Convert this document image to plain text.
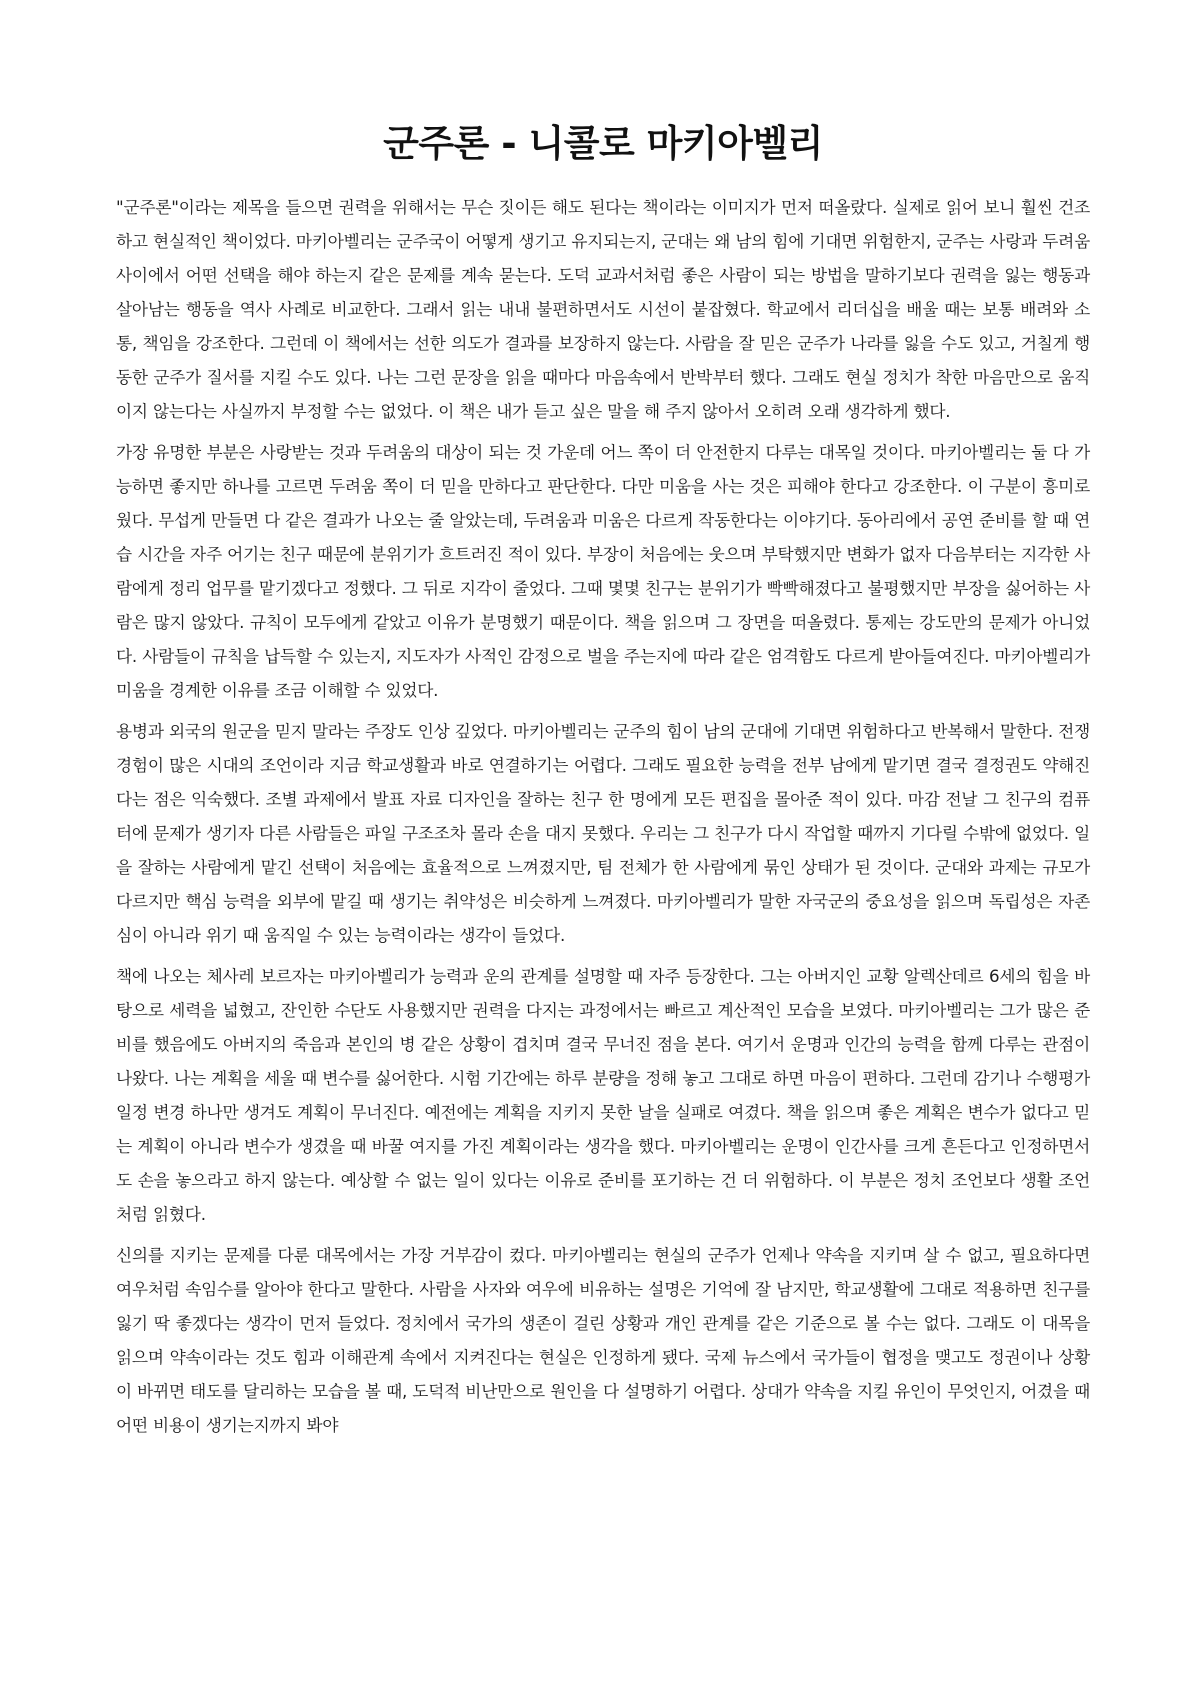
군주론 - 니콜로 마키아벨리

"군주론"이라는 제목을 들으면 권력을 위해서는 무슨 짓이든 해도 된다는 책이라는 이미지가 먼저 떠올랐다. 실제로 읽어 보니 훨씬 건조하고 현실적인 책이었다. 마키아벨리는 군주국이 어떻게 생기고 유지되는지, 군대는 왜 남의 힘에 기대면 위험한지, 군주는 사랑과 두려움 사이에서 어떤 선택을 해야 하는지 같은 문제를 계속 묻는다. 도덕 교과서처럼 좋은 사람이 되는 방법을 말하기보다 권력을 잃는 행동과 살아남는 행동을 역사 사례로 비교한다. 그래서 읽는 내내 불편하면서도 시선이 붙잡혔다. 학교에서 리더십을 배울 때는 보통 배려와 소통, 책임을 강조한다. 그런데 이 책에서는 선한 의도가 결과를 보장하지 않는다. 사람을 잘 믿은 군주가 나라를 잃을 수도 있고, 거칠게 행동한 군주가 질서를 지킬 수도 있다. 나는 그런 문장을 읽을 때마다 마음속에서 반박부터 했다. 그래도 현실 정치가 착한 마음만으로 움직이지 않는다는 사실까지 부정할 수는 없었다. 이 책은 내가 듣고 싶은 말을 해 주지 않아서 오히려 오래 생각하게 했다.

가장 유명한 부분은 사랑받는 것과 두려움의 대상이 되는 것 가운데 어느 쪽이 더 안전한지 다루는 대목일 것이다. 마키아벨리는 둘 다 가능하면 좋지만 하나를 고르면 두려움 쪽이 더 믿을 만하다고 판단한다. 다만 미움을 사는 것은 피해야 한다고 강조한다. 이 구분이 흥미로웠다. 무섭게 만들면 다 같은 결과가 나오는 줄 알았는데, 두려움과 미움은 다르게 작동한다는 이야기다. 동아리에서 공연 준비를 할 때 연습 시간을 자주 어기는 친구 때문에 분위기가 흐트러진 적이 있다. 부장이 처음에는 웃으며 부탁했지만 변화가 없자 다음부터는 지각한 사람에게 정리 업무를 맡기겠다고 정했다. 그 뒤로 지각이 줄었다. 그때 몇몇 친구는 분위기가 빡빡해졌다고 불평했지만 부장을 싫어하는 사람은 많지 않았다. 규칙이 모두에게 같았고 이유가 분명했기 때문이다. 책을 읽으며 그 장면을 떠올렸다. 통제는 강도만의 문제가 아니었다. 사람들이 규칙을 납득할 수 있는지, 지도자가 사적인 감정으로 벌을 주는지에 따라 같은 엄격함도 다르게 받아들여진다. 마키아벨리가 미움을 경계한 이유를 조금 이해할 수 있었다.

용병과 외국의 원군을 믿지 말라는 주장도 인상 깊었다. 마키아벨리는 군주의 힘이 남의 군대에 기대면 위험하다고 반복해서 말한다. 전쟁 경험이 많은 시대의 조언이라 지금 학교생활과 바로 연결하기는 어렵다. 그래도 필요한 능력을 전부 남에게 맡기면 결국 결정권도 약해진다는 점은 익숙했다. 조별 과제에서 발표 자료 디자인을 잘하는 친구 한 명에게 모든 편집을 몰아준 적이 있다. 마감 전날 그 친구의 컴퓨터에 문제가 생기자 다른 사람들은 파일 구조조차 몰라 손을 대지 못했다. 우리는 그 친구가 다시 작업할 때까지 기다릴 수밖에 없었다. 일을 잘하는 사람에게 맡긴 선택이 처음에는 효율적으로 느껴졌지만, 팀 전체가 한 사람에게 묶인 상태가 된 것이다. 군대와 과제는 규모가 다르지만 핵심 능력을 외부에 맡길 때 생기는 취약성은 비슷하게 느껴졌다. 마키아벨리가 말한 자국군의 중요성을 읽으며 독립성은 자존심이 아니라 위기 때 움직일 수 있는 능력이라는 생각이 들었다.

책에 나오는 체사레 보르자는 마키아벨리가 능력과 운의 관계를 설명할 때 자주 등장한다. 그는 아버지인 교황 알렉산데르 6세의 힘을 바탕으로 세력을 넓혔고, 잔인한 수단도 사용했지만 권력을 다지는 과정에서는 빠르고 계산적인 모습을 보였다. 마키아벨리는 그가 많은 준비를 했음에도 아버지의 죽음과 본인의 병 같은 상황이 겹치며 결국 무너진 점을 본다. 여기서 운명과 인간의 능력을 함께 다루는 관점이 나왔다. 나는 계획을 세울 때 변수를 싫어한다. 시험 기간에는 하루 분량을 정해 놓고 그대로 하면 마음이 편하다. 그런데 감기나 수행평가 일정 변경 하나만 생겨도 계획이 무너진다. 예전에는 계획을 지키지 못한 날을 실패로 여겼다. 책을 읽으며 좋은 계획은 변수가 없다고 믿는 계획이 아니라 변수가 생겼을 때 바꿀 여지를 가진 계획이라는 생각을 했다. 마키아벨리는 운명이 인간사를 크게 흔든다고 인정하면서도 손을 놓으라고 하지 않는다. 예상할 수 없는 일이 있다는 이유로 준비를 포기하는 건 더 위험하다. 이 부분은 정치 조언보다 생활 조언처럼 읽혔다.

신의를 지키는 문제를 다룬 대목에서는 가장 거부감이 컸다. 마키아벨리는 현실의 군주가 언제나 약속을 지키며 살 수 없고, 필요하다면 여우처럼 속임수를 알아야 한다고 말한다. 사람을 사자와 여우에 비유하는 설명은 기억에 잘 남지만, 학교생활에 그대로 적용하면 친구를 잃기 딱 좋겠다는 생각이 먼저 들었다. 정치에서 국가의 생존이 걸린 상황과 개인 관계를 같은 기준으로 볼 수는 없다. 그래도 이 대목을 읽으며 약속이라는 것도 힘과 이해관계 속에서 지켜진다는 현실은 인정하게 됐다. 국제 뉴스에서 국가들이 협정을 맺고도 정권이나 상황이 바뀌면 태도를 달리하는 모습을 볼 때, 도덕적 비난만으로 원인을 다 설명하기 어렵다. 상대가 약속을 지킬 유인이 무엇인지, 어겼을 때 어떤 비용이 생기는지까지 봐야
